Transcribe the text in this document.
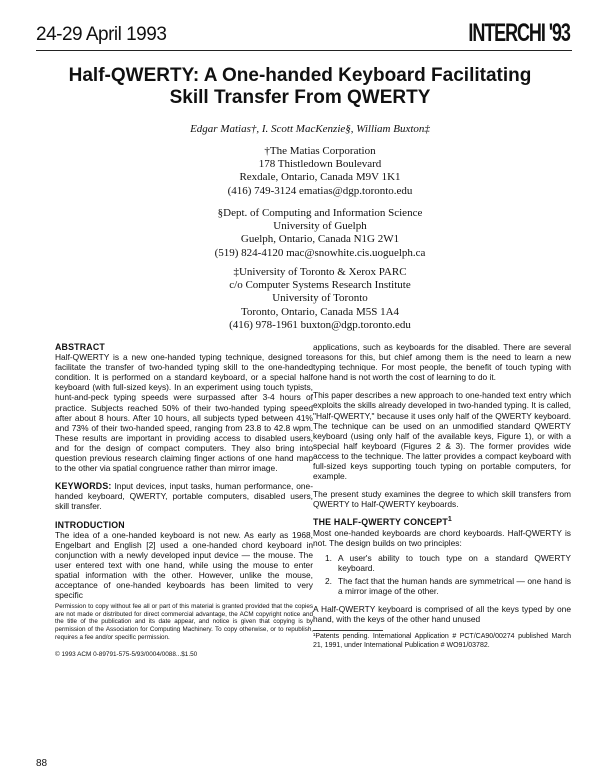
24-29 April 1993	INTERCHI '93
Half-QWERTY: A One-handed Keyboard Facilitating
Skill Transfer From QWERTY
Edgar Matias†, I. Scott MacKenzie§, William Buxton‡
†The Matias Corporation
178 Thistledown Boulevard
Rexdale, Ontario, Canada M9V 1K1
(416) 749-3124 ematias@dgp.toronto.edu
§Dept. of Computing and Information Science
University of Guelph
Guelph, Ontario, Canada N1G 2W1
(519) 824-4120 mac@snowhite.cis.uoguelph.ca
‡University of Toronto & Xerox PARC
c/o Computer Systems Research Institute
University of Toronto
Toronto, Ontario, Canada M5S 1A4
(416) 978-1961 buxton@dgp.toronto.edu
ABSTRACT

Half-QWERTY is a new one-handed typing technique, designed to facilitate the transfer of two-handed typing skill to the one-handed condition. It is performed on a standard keyboard, or a special half keyboard (with full-sized keys). In an experiment using touch typists, hunt-and-peck typing speeds were surpassed after 3-4 hours of practice. Subjects reached 50% of their two-handed typing speed after about 8 hours. After 10 hours, all subjects typed between 41% and 73% of their two-handed speed, ranging from 23.8 to 42.8 wpm. These results are important in providing access to disabled users, and for the design of compact computers. They also bring into question previous research claiming finger actions of one hand map to the other via spatial congruence rather than mirror image.

KEYWORDS: Input devices, input tasks, human performance, one-handed keyboard, QWERTY, portable computers, disabled users, skill transfer.

INTRODUCTION

The idea of a one-handed keyboard is not new. As early as 1968, Engelbart and English [2] used a one-handed chord keyboard in conjunction with a newly developed input device — the mouse. The user entered text with one hand, while using the mouse to enter spatial information with the other. However, unlike the mouse, acceptance of one-handed keyboards has been limited to very specific

Permission to copy without fee all or part of this material is granted provided that the copies are not made or distributed for direct commercial advantage, the ACM copyright notice and the title of the publication and its date appear, and notice is given that copying is by permission of the Association for Computing Machinery. To copy otherwise, or to republish, requires a fee and/or specific permission.

© 1993 ACM 0-89791-575-5/93/0004/0088...$1.50

applications, such as keyboards for the disabled. There are several reasons for this, but chief among them is the need to learn a new typing technique. For most people, the benefit of touch typing with one hand is not worth the cost of learning to do it.

This paper describes a new approach to one-handed text entry which exploits the skills already developed in two-handed typing. It is called, "Half-QWERTY," because it uses only half of the QWERTY keyboard. The technique can be used on an unmodified standard QWERTY keyboard (using only half of the available keys, Figure 1), or with a special half keyboard (Figures 2 & 3). The former provides wide access to the technique. The latter provides a compact keyboard with full-sized keys supporting touch typing on portable computers, for example.

The present study examines the degree to which skill transfers from QWERTY to Half-QWERTY keyboards.

THE HALF-QWERTY CONCEPT$^1$

Most one-handed keyboards are chord keyboards. Half-QWERTY is not. The design builds on two principles:

1. A user's ability to touch type on a standard QWERTY keyboard.

2. The fact that the human hands are symmetrical — one hand is a mirror image of the other.

A Half-QWERTY keyboard is comprised of all the keys typed by one hand, with the keys of the other hand unused

¹Patents pending. International Application # PCT/CA90/00274 published March 21, 1991, under International Publication # WO91/03782.

88
